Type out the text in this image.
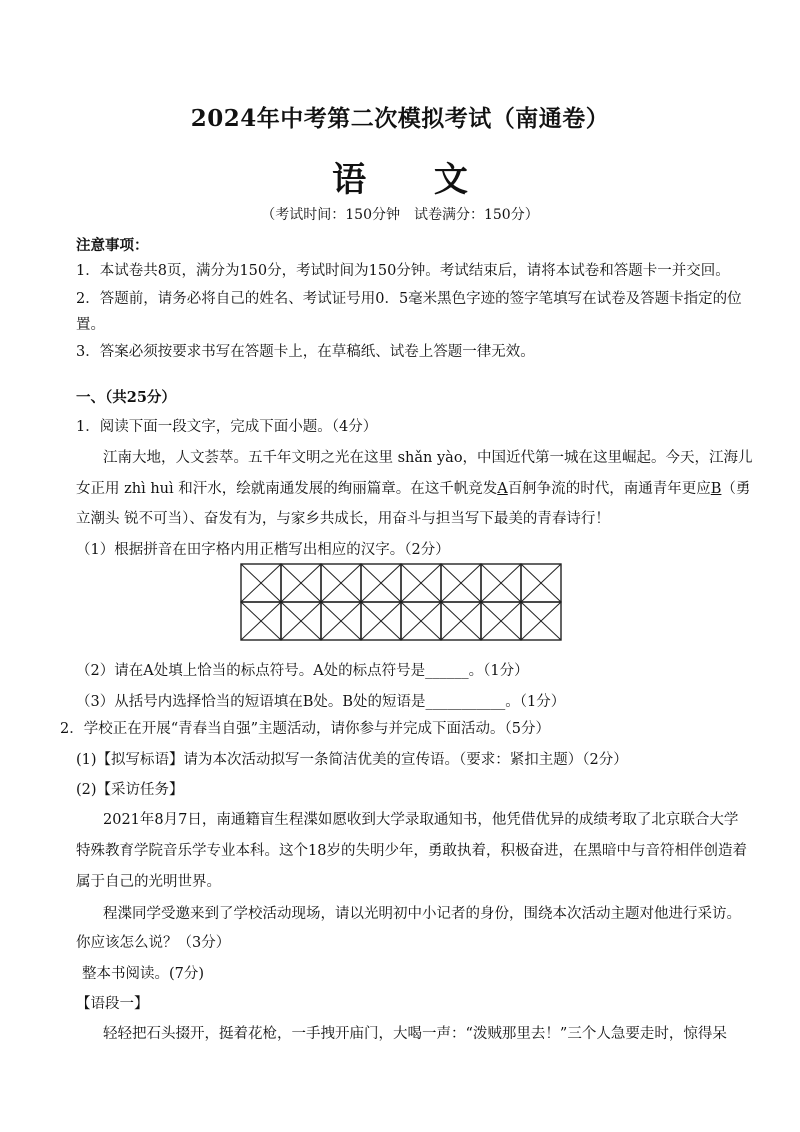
2024年中考第二次模拟考试（南通卷）
语 文
（考试时间：150分钟　试卷满分：150分）
注意事项：
1．本试卷共8页，满分为150分，考试时间为150分钟。考试结束后，请将本试卷和答题卡一并交回。
2．答题前，请务必将自己的姓名、考试证号用0．5毫米黑色字迹的签字笔填写在试卷及答题卡指定的位
置。
3．答案必须按要求书写在答题卡上，在草稿纸、试卷上答题一律无效。
一、（共25分）
1．阅读下面一段文字，完成下面小题。（4分）
江南大地，人文荟萃。五千年文明之光在这里 shǎn yào，中国近代第一城在这里崛起。今天，江海儿
女正用 zhì huì 和汗水，绘就南通发展的绚丽篇章。在这千帆竞发A百舸争流的时代，南通青年更应B（勇
立潮头 锐不可当）、奋发有为，与家乡共成长，用奋斗与担当写下最美的青春诗行！
（1）根据拼音在田字格内用正楷写出相应的汉字。（2分）
（2）请在A处填上恰当的标点符号。A处的标点符号是______。（1分）
（3）从括号内选择恰当的短语填在B处。B处的短语是___________。（1分）
2．学校正在开展“青春当自强”主题活动，请你参与并完成下面活动。（5分）
(1)【拟写标语】请为本次活动拟写一条简洁优美的宣传语。（要求：紧扣主题）（2分）
(2)【采访任务】
2021年8月7日，南通籍盲生程渫如愿收到大学录取通知书，他凭借优异的成绩考取了北京联合大学
特殊教育学院音乐学专业本科。这个18岁的失明少年，勇敢执着，积极奋进，在黑暗中与音符相伴创造着
属于自己的光明世界。
程渫同学受邀来到了学校活动现场，请以光明初中小记者的身份，围绕本次活动主题对他进行采访。
你应该怎么说？（3分）
整本书阅读。(7分)
【语段一】
轻轻把石头掇开，挺着花枪，一手拽开庙门，大喝一声：“泼贼那里去！”三个人急要走时，惊得呆
